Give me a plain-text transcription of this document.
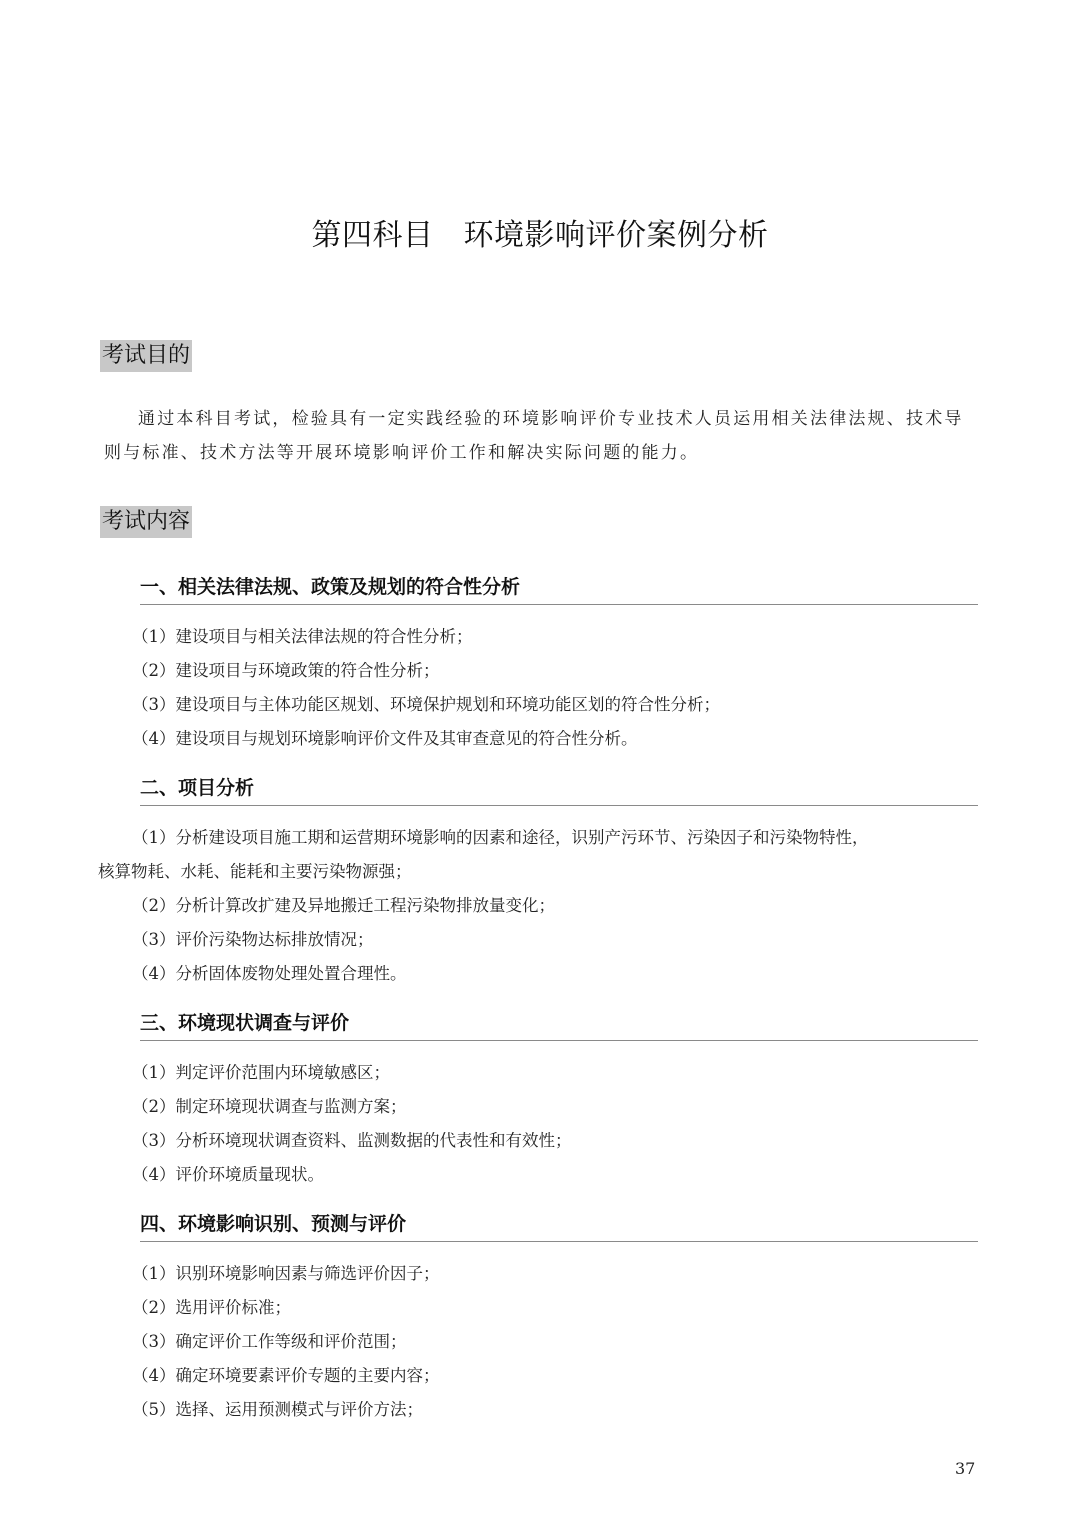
第四科目 环境影响评价案例分析
考试目的

通过本科目考试，检验具有一定实践经验的环境影响评价专业技术人员运用相关法律法规、技术导则与标准、技术方法等开展环境影响评价工作和解决实际问题的能力。

考试内容
一、相关法律法规、政策及规划的符合性分析
（1）建设项目与相关法律法规的符合性分析；
（2）建设项目与环境政策的符合性分析；
（3）建设项目与主体功能区规划、环境保护规划和环境功能区划的符合性分析；
（4）建设项目与规划环境影响评价文件及其审查意见的符合性分析。
二、项目分析
（1）分析建设项目施工期和运营期环境影响的因素和途径，识别产污环节、污染因子和污染物特性，
核算物耗、水耗、能耗和主要污染物源强；
（2）分析计算改扩建及异地搬迁工程污染物排放量变化；
（3）评价污染物达标排放情况；
（4）分析固体废物处理处置合理性。
三、环境现状调查与评价
（1）判定评价范围内环境敏感区；
（2）制定环境现状调查与监测方案；
（3）分析环境现状调查资料、监测数据的代表性和有效性；
（4）评价环境质量现状。
四、环境影响识别、预测与评价
（1）识别环境影响因素与筛选评价因子；
（2）选用评价标准；
（3）确定评价工作等级和评价范围；
（4）确定环境要素评价专题的主要内容；
（5）选择、运用预测模式与评价方法；
37
